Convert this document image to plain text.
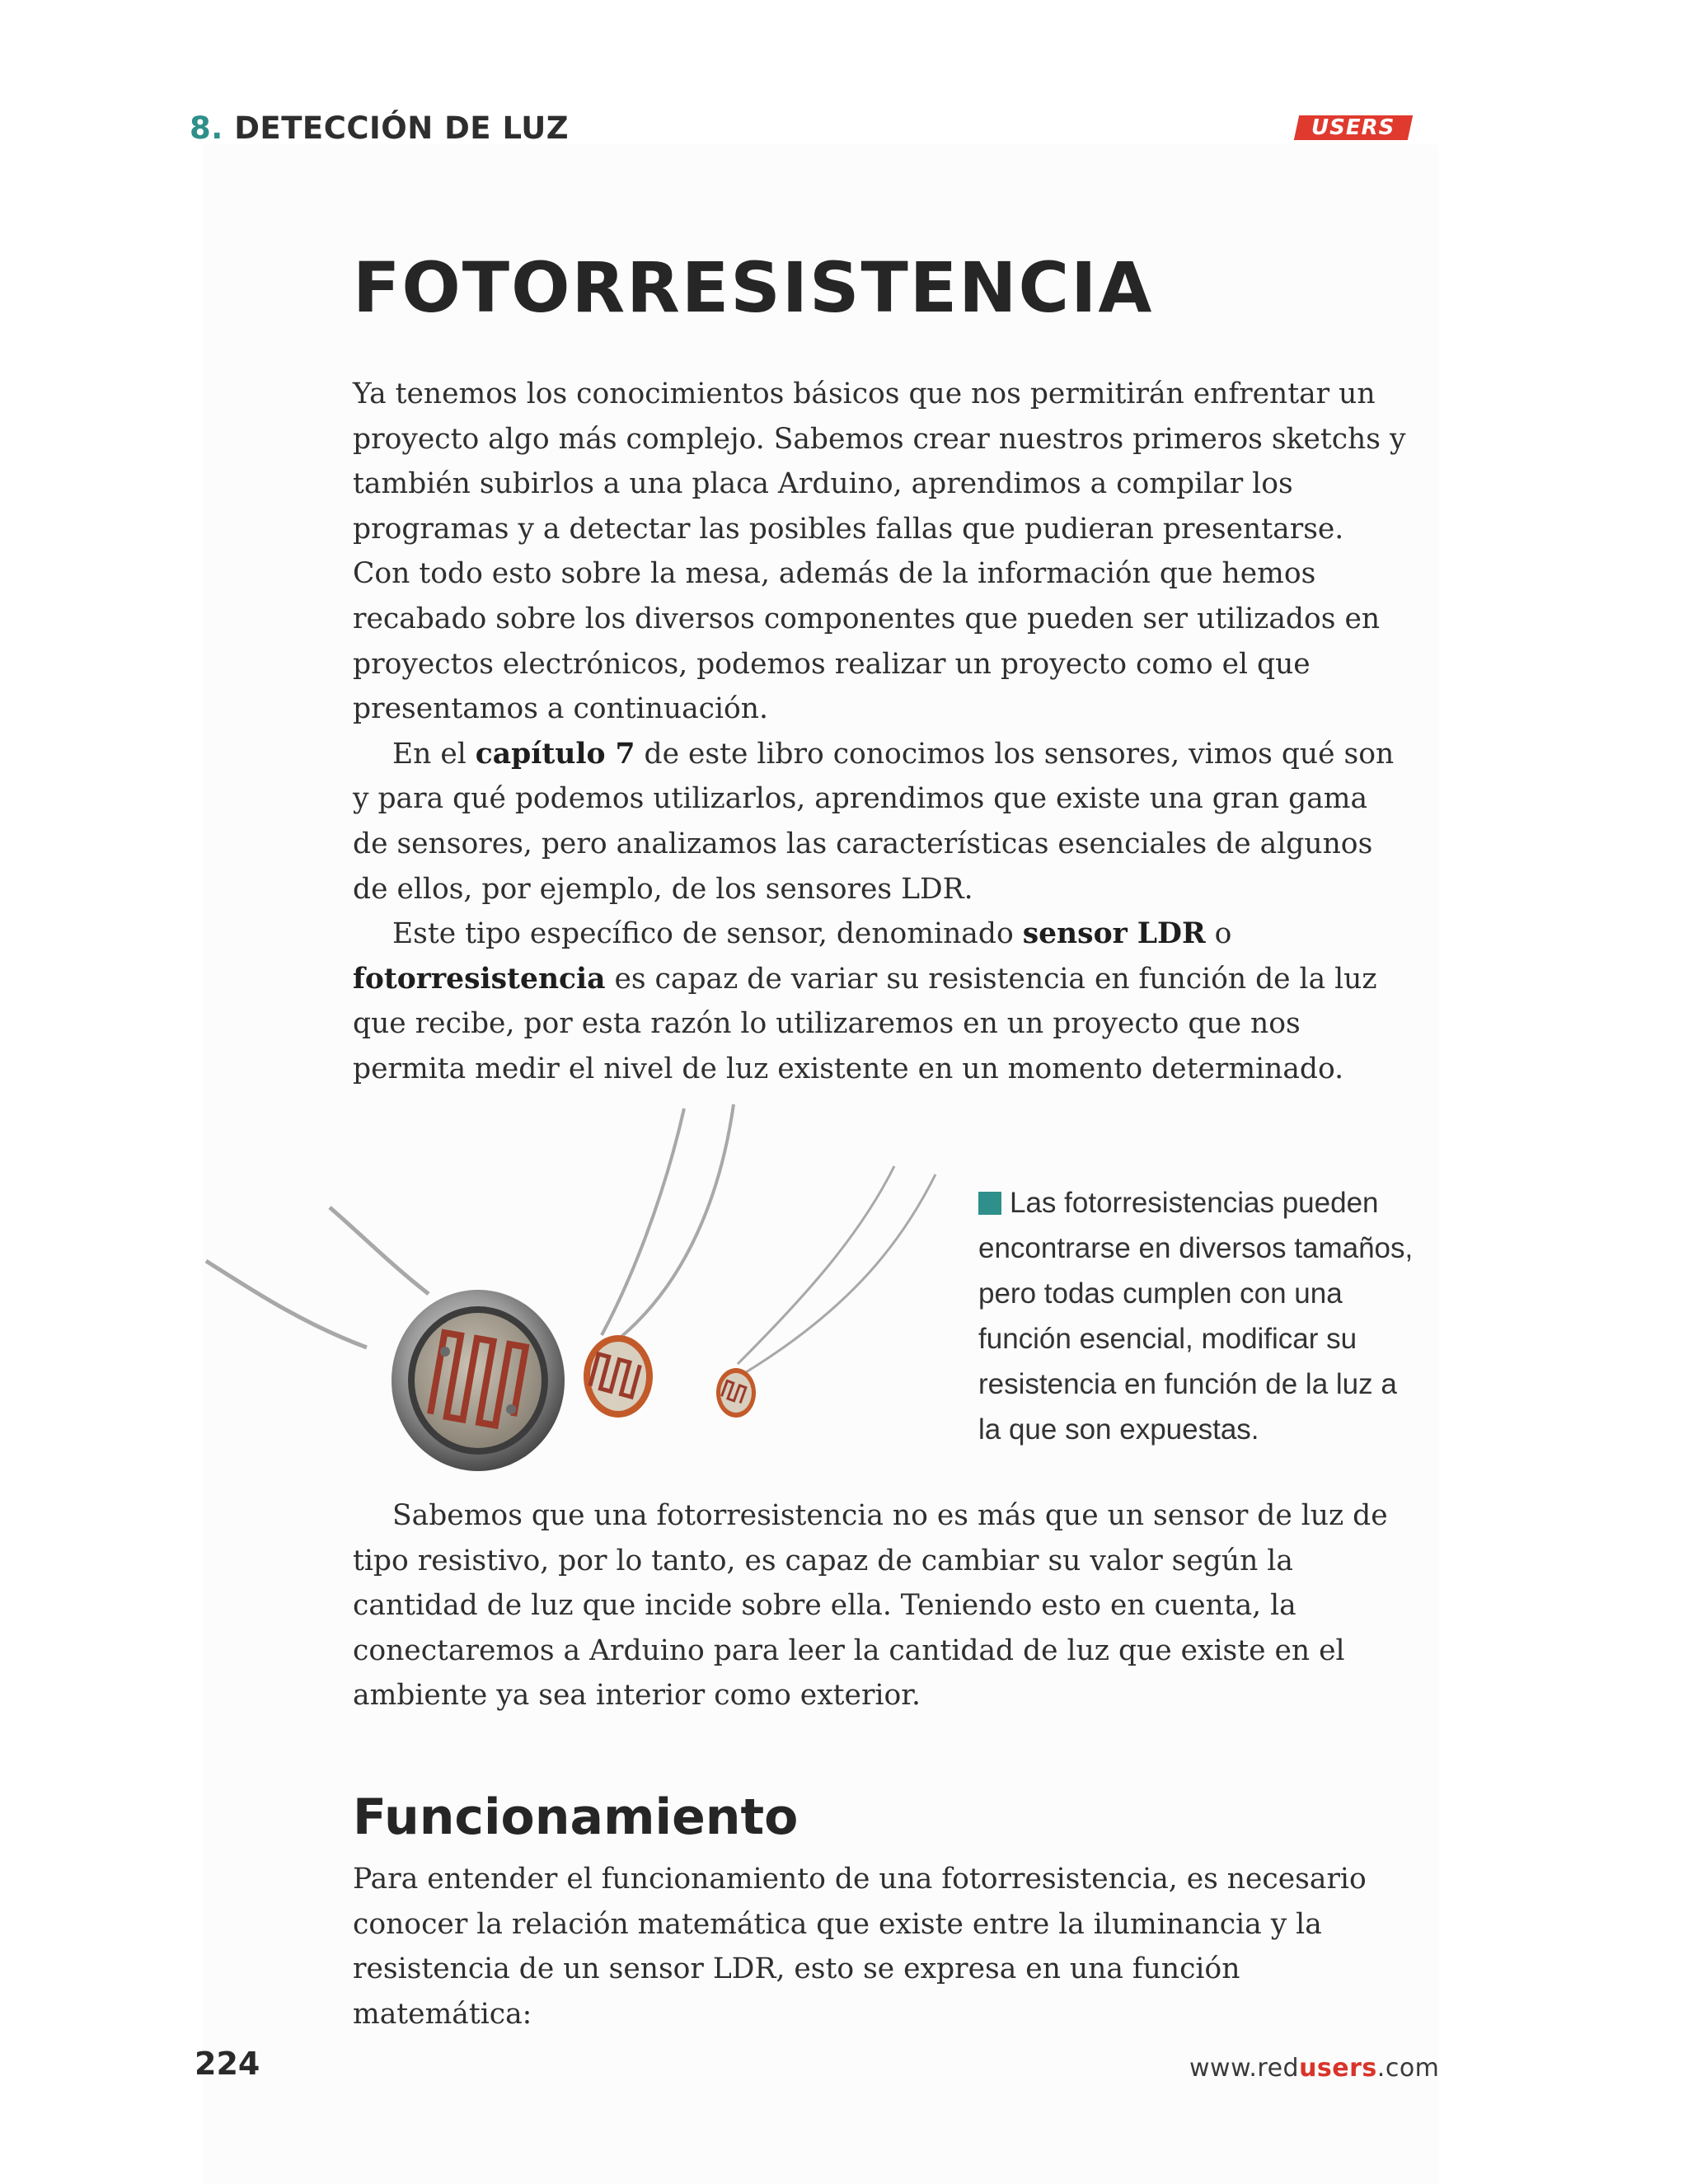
8. DETECCIÓN DE LUZ	USERS
FOTORRESISTENCIA

Ya tenemos los conocimientos básicos que nos permitirán enfrentar un proyecto algo más complejo. Sabemos crear nuestros primeros sketchs y también subirlos a una placa Arduino, aprendimos a compilar los programas y a detectar las posibles fallas que pudieran presentarse. Con todo esto sobre la mesa, además de la información que hemos recabado sobre los diversos componentes que pueden ser utilizados en proyectos electrónicos, podemos realizar un proyecto como el que presentamos a continuación.

En el capítulo 7 de este libro conocimos los sensores, vimos qué son y para qué podemos utilizarlos, aprendimos que existe una gran gama de sensores, pero analizamos las características esenciales de algunos de ellos, por ejemplo, de los sensores LDR.

Este tipo específico de sensor, denominado sensor LDR o fotorresistencia es capaz de variar su resistencia en función de la luz que recibe, por esta razón lo utilizaremos en un proyecto que nos permita medir el nivel de luz existente en un momento determinado.

Las fotorresistencias pueden encontrarse en diversos tamaños, pero todas cumplen con una función esencial, modificar su resistencia en función de la luz a la que son expuestas.

Sabemos que una fotorresistencia no es más que un sensor de luz de tipo resistivo, por lo tanto, es capaz de cambiar su valor según la cantidad de luz que incide sobre ella. Teniendo esto en cuenta, la conectaremos a Arduino para leer la cantidad de luz que existe en el ambiente ya sea interior como exterior.

Funcionamiento

Para entender el funcionamiento de una fotorresistencia, es necesario conocer la relación matemática que existe entre la iluminancia y la resistencia de un sensor LDR, esto se expresa en una función matemática:

224	www.redusers.com
